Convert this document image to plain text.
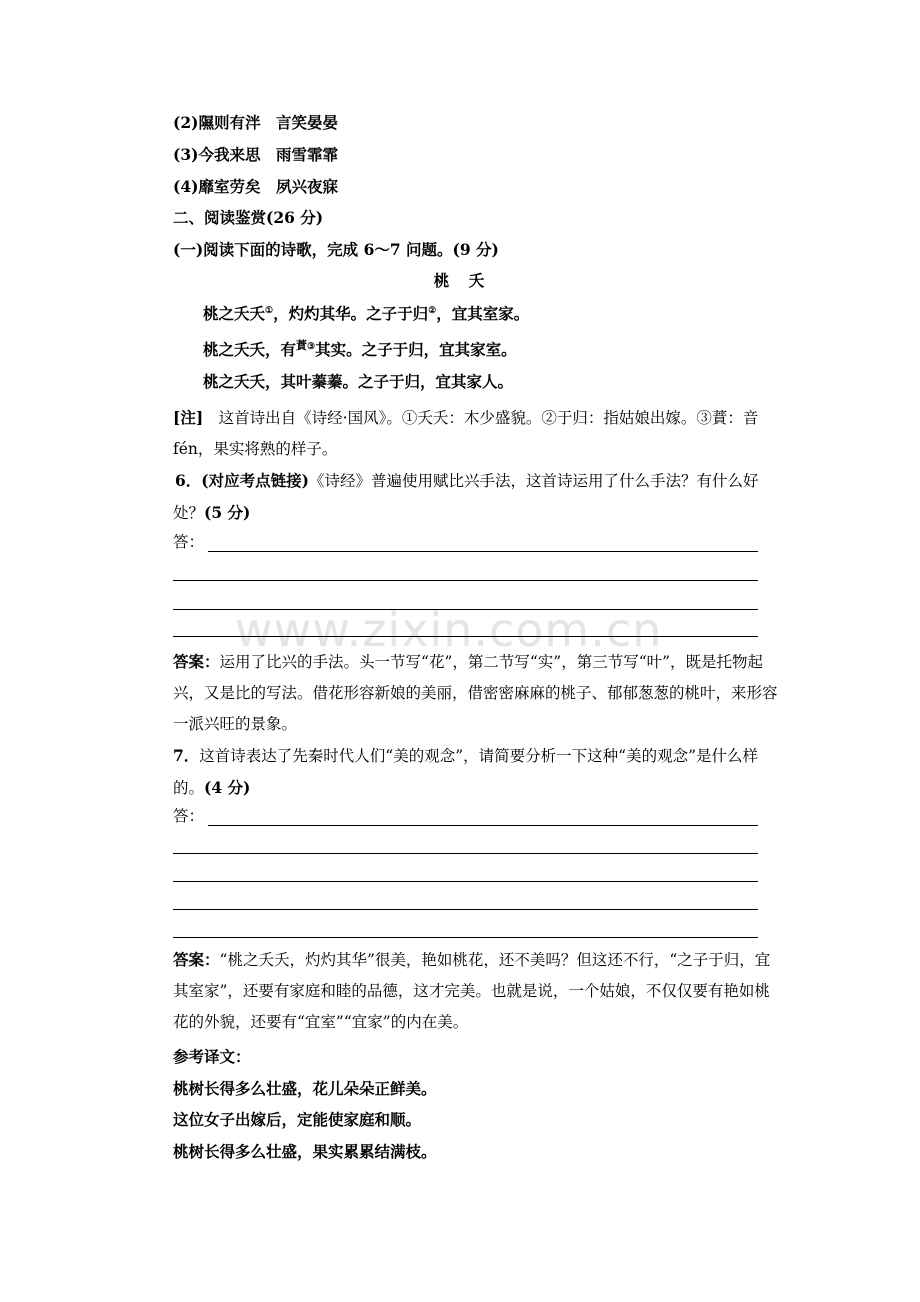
www.zixin.com.cn
(2)隰则有泮　言笑晏晏
(3)今我来思　雨雪霏霏
(4)靡室劳矣　夙兴夜寐
二、阅读鉴赏(26 分)
(一)阅读下面的诗歌，完成 6～7 问题。(9 分)
桃　夭
桃之夭夭①，灼灼其华。之子于归②，宜其室家。
桃之夭夭，有$^{蕡③}$其实。之子于归，宜其家室。
桃之夭夭，其叶蓁蓁。之子于归，宜其家人。
[注]　这首诗出自《诗经·国风》。①夭夭：木少盛貌。②于归：指姑娘出嫁。③蕡：音 fén，果实将熟的样子。
6．(对应考点链接)《诗经》普遍使用赋比兴手法，这首诗运用了什么手法？有什么好处？(5 分)
答：
答案：运用了比兴的手法。头一节写“花”，第二节写“实”，第三节写“叶”，既是托物起兴，又是比的写法。借花形容新娘的美丽，借密密麻麻的桃子、郁郁葱葱的桃叶，来形容一派兴旺的景象。
7．这首诗表达了先秦时代人们“美的观念”，请简要分析一下这种“美的观念”是什么样的。(4 分)
答：
答案：“桃之夭夭，灼灼其华”很美，艳如桃花，还不美吗？但这还不行，“之子于归，宜其室家”，还要有家庭和睦的品德，这才完美。也就是说，一个姑娘，不仅仅要有艳如桃花的外貌，还要有“宜室”“宜家”的内在美。
参考译文：
桃树长得多么壮盛，花儿朵朵正鲜美。
这位女子出嫁后，定能使家庭和顺。
桃树长得多么壮盛，果实累累结满枝。
